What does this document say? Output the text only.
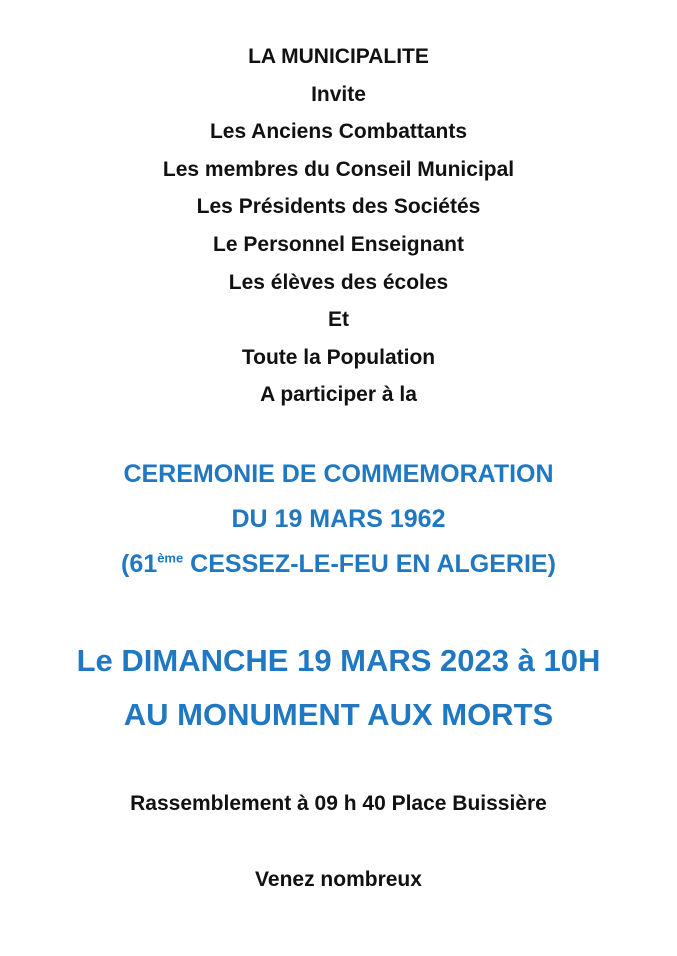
LA MUNICIPALITE
Invite
Les Anciens Combattants
Les membres du Conseil Municipal
Les Présidents des Sociétés
Le Personnel Enseignant
Les élèves des écoles
Et
Toute la Population
A participer à la
CEREMONIE DE COMMEMORATION
DU 19 MARS 1962
(61ème CESSEZ-LE-FEU EN ALGERIE)
Le DIMANCHE 19 MARS 2023 à 10H
AU MONUMENT AUX MORTS
Rassemblement à 09 h 40 Place Buissière
Venez nombreux
